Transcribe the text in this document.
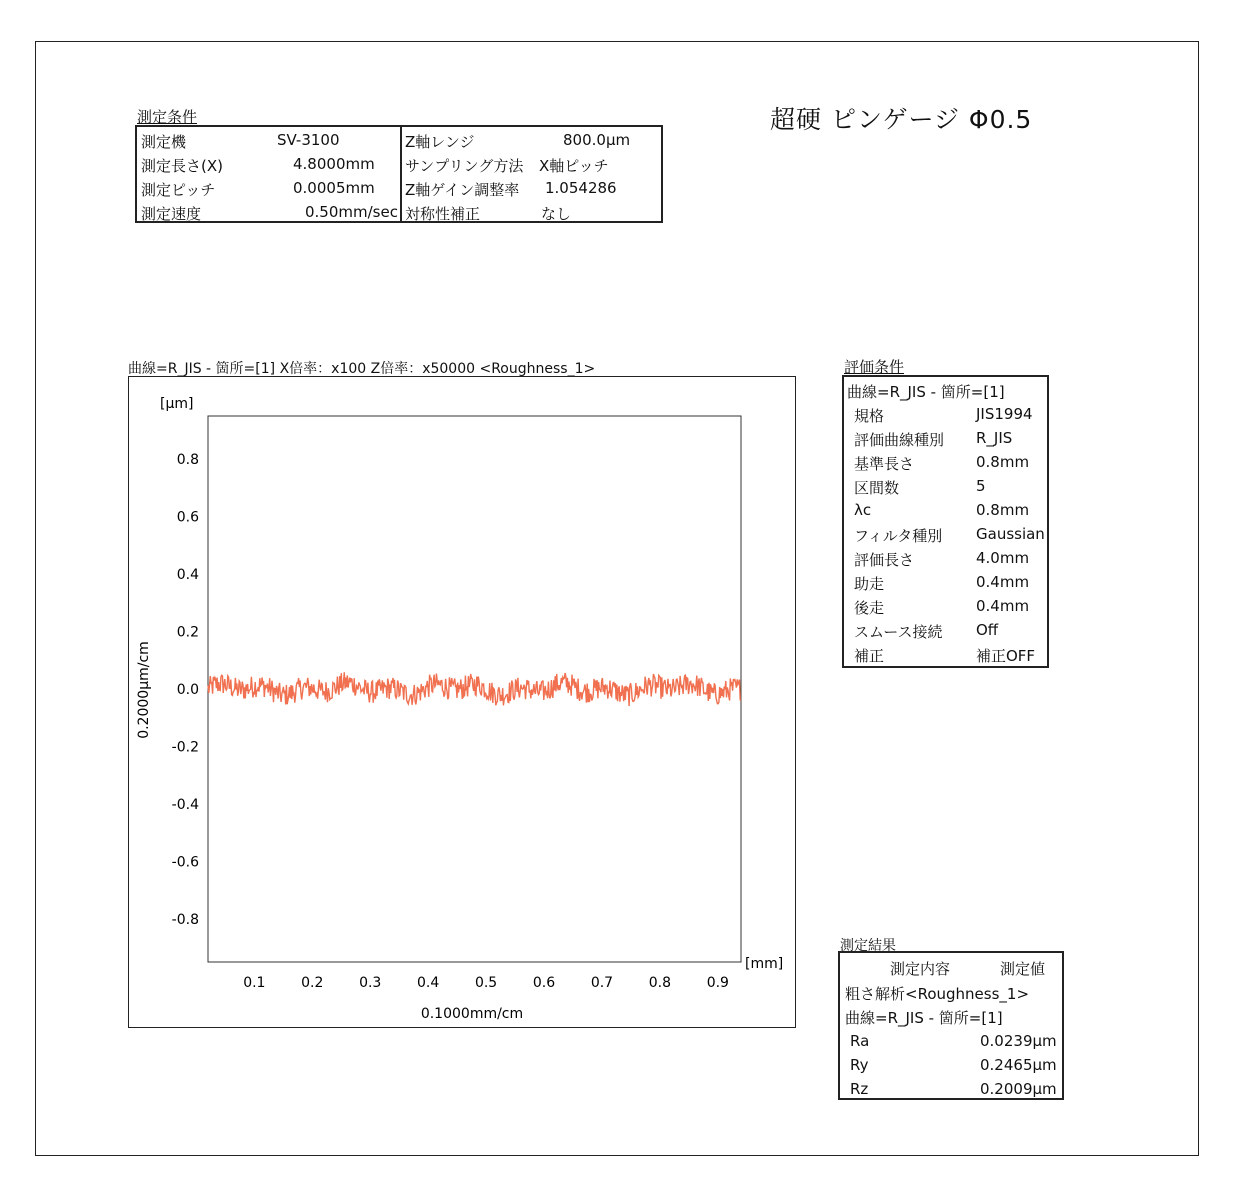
超硬 ピンゲージ Φ0.5
測定条件
測定機	SV-3100
測定長さ(X)	4.8000mm
測定ピッチ	0.0005mm
測定速度	0.50mm/sec
Z軸レンジ	800.0μm
サンプリング方法 X軸ピッチ
Z軸ゲイン調整率 1.054286
対称性補正	なし
曲線=R_JIS - 箇所=[1] X倍率：x100 Z倍率：x50000 <Roughness_1>
[μm]
[mm]
0.2000μm/cm
0.1000mm/cm
0.8
0.6
0.4
0.2
0.0
-0.2
-0.4
-0.6
-0.8
0.1	0.2	0.3	0.4	0.5	0.6	0.7	0.8	0.9
評価条件
曲線=R_JIS - 箇所=[1]
規格	JIS1994
評価曲線種別 R_JIS
基準長さ	0.8mm
区間数	5
λc	0.8mm
フィルタ種別 Gaussian
評価長さ	4.0mm
助走	0.4mm
後走	0.4mm
スムース接続 Off
補正	補正OFF
測定結果
測定内容	測定値
粗さ解析<Roughness_1>
曲線=R_JIS - 箇所=[1]
Ra	0.0239μm
Ry	0.2465μm
Rz	0.2009μm
